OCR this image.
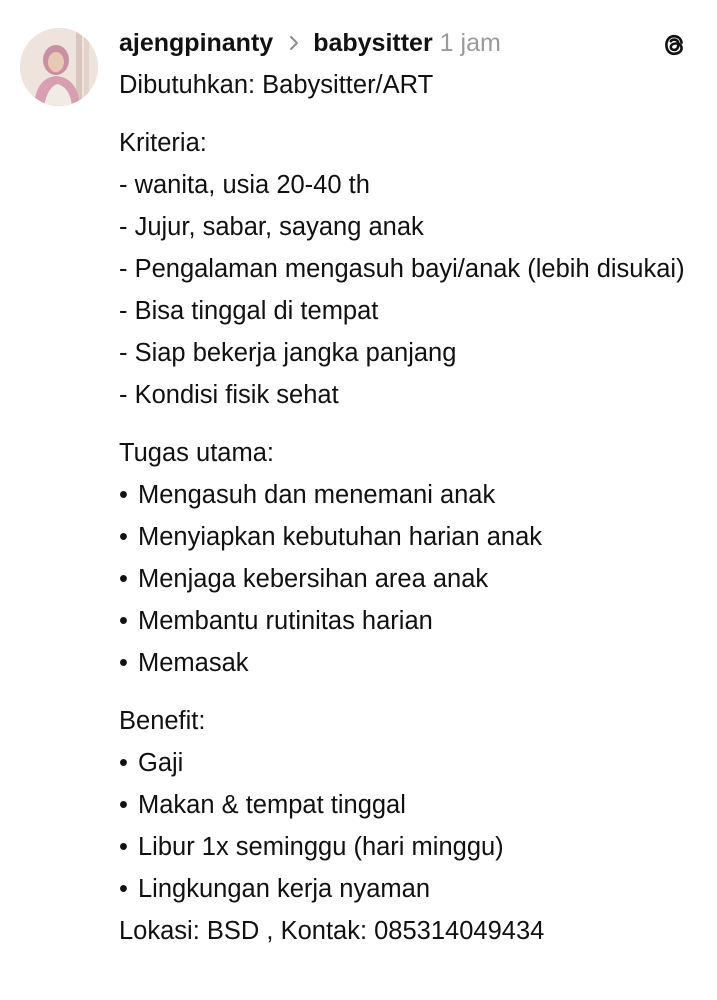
ajengpinanty babysitter 1 jam
Dibutuhkan: Babysitter/ART
Kriteria:
- wanita, usia 20-40 th
- Jujur, sabar, sayang anak
- Pengalaman mengasuh bayi/anak (lebih disukai)
- Bisa tinggal di tempat
- Siap bekerja jangka panjang
- Kondisi fisik sehat
Tugas utama:
• Mengasuh dan menemani anak
• Menyiapkan kebutuhan harian anak
• Menjaga kebersihan area anak
• Membantu rutinitas harian
• Memasak
Benefit:
• Gaji
• Makan & tempat tinggal
• Libur 1x seminggu (hari minggu)
• Lingkungan kerja nyaman
Lokasi: BSD , Kontak: 085314049434
